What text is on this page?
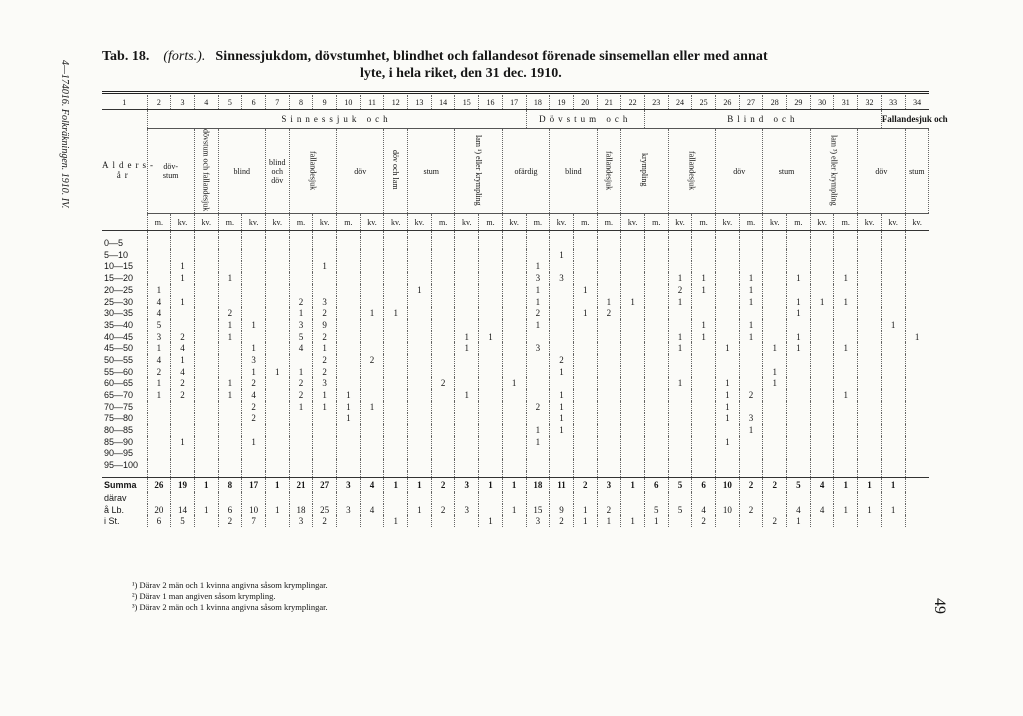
4—174016. Folkräkningen. 1910. IV.
49
Tab. 18. (forts.). Sinnessjukdom, dövstumhet, blindhet och fallandesot förenade sinsemellan eller med annat
lyte, i hela riket, den 31 dec. 1910.
1	2	3	4	5	6	7	8	9	10	11	12	13	14	15	16	17	18	19	20	21	22	23	24	25	26	27	28	29	30	31	32	33	34	
Alders-
år	Sinnessjuk och																Dövstum och					Blind och										Fallandesjuk och		
	döv-
stum		dövstum och fallandesjuk	blind		blind och döv	fallandesjuk		döv		döv och lam	stum		lam ¹) eller krympling		ofärdig		blind		fallandesjuk	krympling		fallandesjuk		döv		stum		lam ³) eller krympling		döv		stum	
	m.	kv.	kv.	m.	kv.	kv.	m.	kv.	m.	kv.	kv.	kv.	m.	kv.	m.	kv.	m.	kv.	m.	m.	kv.	m.	kv.	m.	kv.	m.	kv.	m.	kv.	m.	kv.	kv.	kv.	

0—5																																		
5—10																		1																
10—15		1						1									1																	
15—20		1		1													3	3					1	1		1		1		1				
20—25	1											1					1		1				2	1		1								
25—30	4	1					2	3									1			1	1		1			1		1	1	1				
30—35	4			2			1	2		1	1						2		1	2								1						
35—40	5			1	1		3	9									1							1		1						1		
40—45	3	2		1			5	2						1	1								1	1		1		1					1	
45—50	1	4			1		4	1						1			3						1		1		1	1		1				
50—55	4	1			3			2		2								2																
55—60	2	4			1	1	1	2										1									1							
60—65	1	2		1	2		2	3					2			1							1		1		1							
65—70	1	2		1	4		2	1	1					1				1							1	2				1				
70—75					2		1	1	1	1							2	1							1									
75—80					2				1									1							1	3								
80—85																	1	1								1								
85—90		1			1												1								1									
90—95																																		
95—100																																		

Summa	26	19	1	8	17	1	21	27	3	4	1	1	2	3	1	1	18	11	2	3	1	6	5	6	10	2	2	5	4	1	1	1		
därav																																		
å Lb.	20	14	1	6	10	1	18	25	3	4		1	2	3		1	15	9	1	2		5	5	4	10	2		4	4	1	1	1		
i St.	6	5		2	7		3	2			1				1		3	2	1	1	1	1		2			2	1						
¹) Därav 2 män och 1 kvinna angivna såsom krymplingar.
²) Därav 1 man angiven såsom krympling.
³) Därav 2 män och 1 kvinna angivna såsom krymplingar.
